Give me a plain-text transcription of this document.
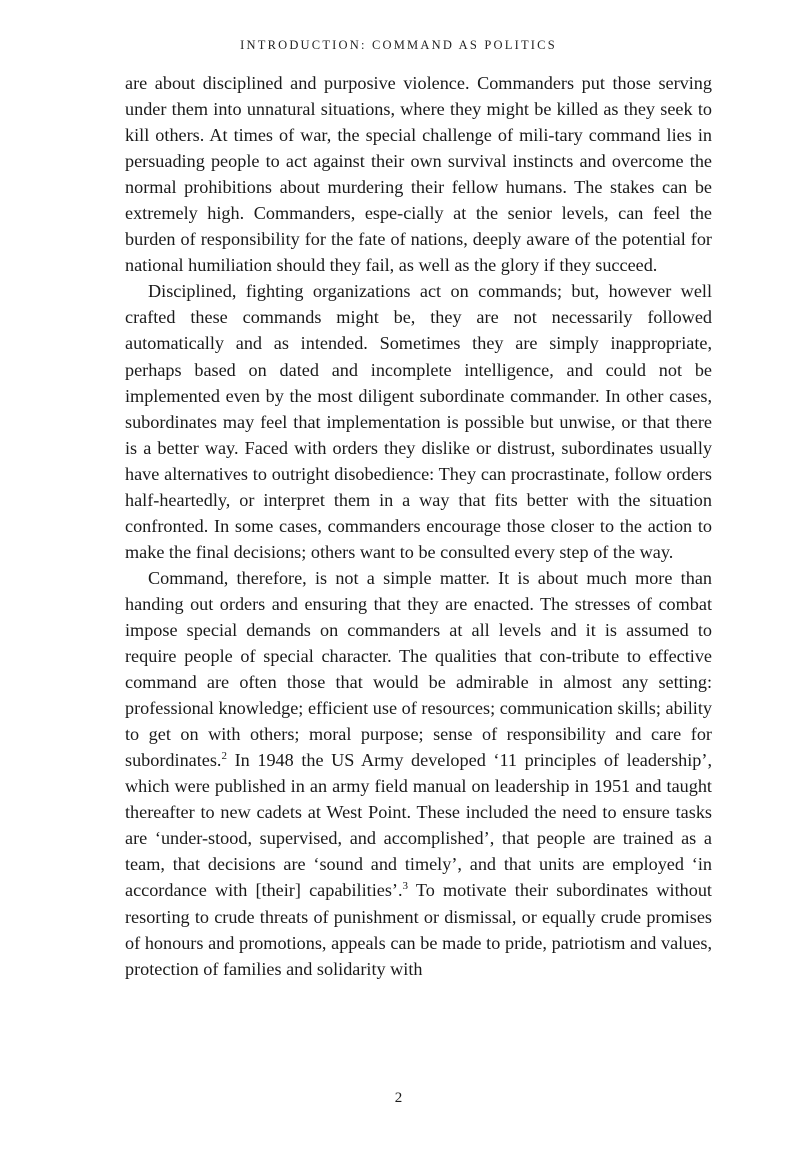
INTRODUCTION: COMMAND AS POLITICS

are about disciplined and purposive violence. Commanders put those serving under them into unnatural situations, where they might be killed as they seek to kill others. At times of war, the special challenge of mili-tary command lies in persuading people to act against their own survival instincts and overcome the normal prohibitions about murdering their fellow humans. The stakes can be extremely high. Commanders, espe-cially at the senior levels, can feel the burden of responsibility for the fate of nations, deeply aware of the potential for national humiliation should they fail, as well as the glory if they succeed.

Disciplined, fighting organizations act on commands; but, however well crafted these commands might be, they are not necessarily followed automatically and as intended. Sometimes they are simply inappropriate, perhaps based on dated and incomplete intelligence, and could not be implemented even by the most diligent subordinate commander. In other cases, subordinates may feel that implementation is possible but unwise, or that there is a better way. Faced with orders they dislike or distrust, subordinates usually have alternatives to outright disobedience: They can procrastinate, follow orders half-heartedly, or interpret them in a way that fits better with the situation confronted. In some cases, commanders encourage those closer to the action to make the final decisions; others want to be consulted every step of the way.

Command, therefore, is not a simple matter. It is about much more than handing out orders and ensuring that they are enacted. The stresses of combat impose special demands on commanders at all levels and it is assumed to require people of special character. The qualities that con-tribute to effective command are often those that would be admirable in almost any setting: professional knowledge; efficient use of resources; communication skills; ability to get on with others; moral purpose; sense of responsibility and care for subordinates.$^2$ In 1948 the US Army developed ‘11 principles of leadership’, which were published in an army field manual on leadership in 1951 and taught thereafter to new cadets at West Point. These included the need to ensure tasks are ‘under-stood, supervised, and accomplished’, that people are trained as a team, that decisions are ‘sound and timely’, and that units are employed ‘in accordance with [their] capabilities’.$^3$ To motivate their subordinates without resorting to crude threats of punishment or dismissal, or equally crude promises of honours and promotions, appeals can be made to pride, patriotism and values, protection of families and solidarity with

2
